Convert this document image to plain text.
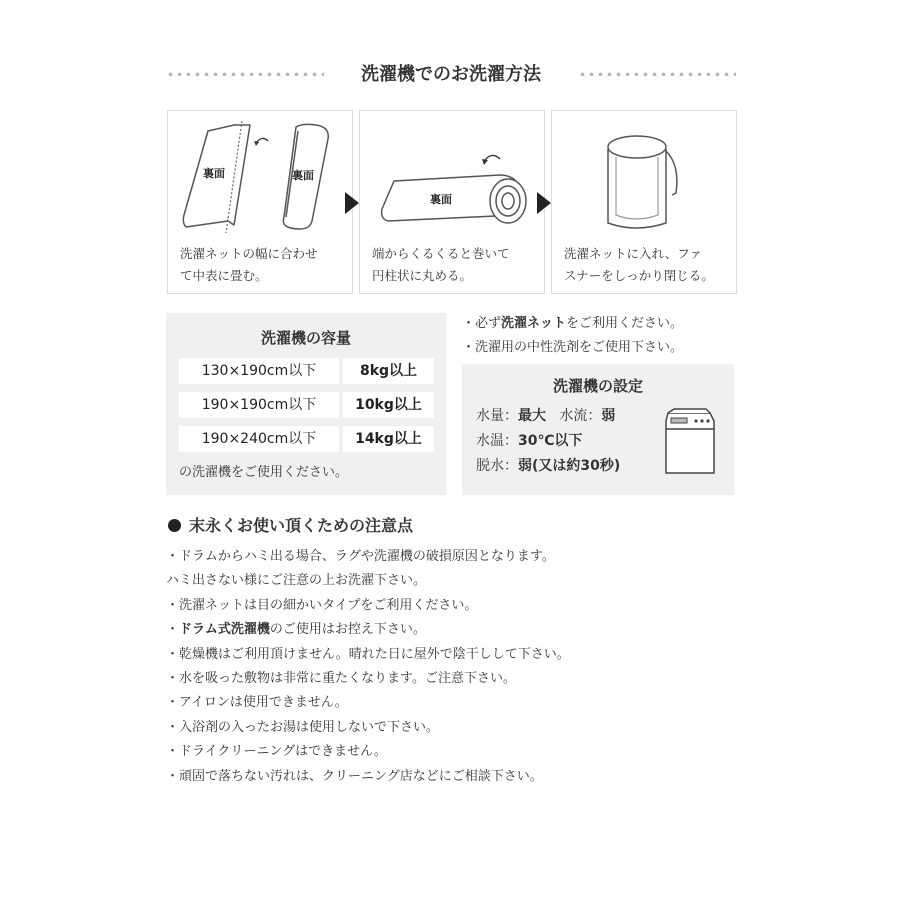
洗濯機でのお洗濯方法
裏面	裏面
洗濯ネットの幅に合わせ
て中表に畳む。
裏面
端からくるくると巻いて
円柱状に丸める。
洗濯ネットに入れ、ファ
スナーをしっかり閉じる。
洗濯機の容量
130×190cm以下	8kg以上
190×190cm以下	10kg以上
190×240cm以下	14kg以上
の洗濯機をご使用ください。
・必ず洗濯ネットをご利用ください。
・洗濯用の中性洗剤をご使用下さい。
洗濯機の設定
水量：最大 水流：弱
水温：30℃以下
脱水：弱(又は約30秒)
末永くお使い頂くための注意点
・ドラムからハミ出る場合、ラグや洗濯機の破損原因となります。
ハミ出さない様にご注意の上お洗濯下さい。
・洗濯ネットは目の細かいタイプをご利用ください。
・ドラム式洗濯機のご使用はお控え下さい。
・乾燥機はご利用頂けません。晴れた日に屋外で陰干しして下さい。
・水を吸った敷物は非常に重たくなります。ご注意下さい。
・アイロンは使用できません。
・入浴剤の入ったお湯は使用しないで下さい。
・ドライクリーニングはできません。
・頑固で落ちない汚れは、クリーニング店などにご相談下さい。
